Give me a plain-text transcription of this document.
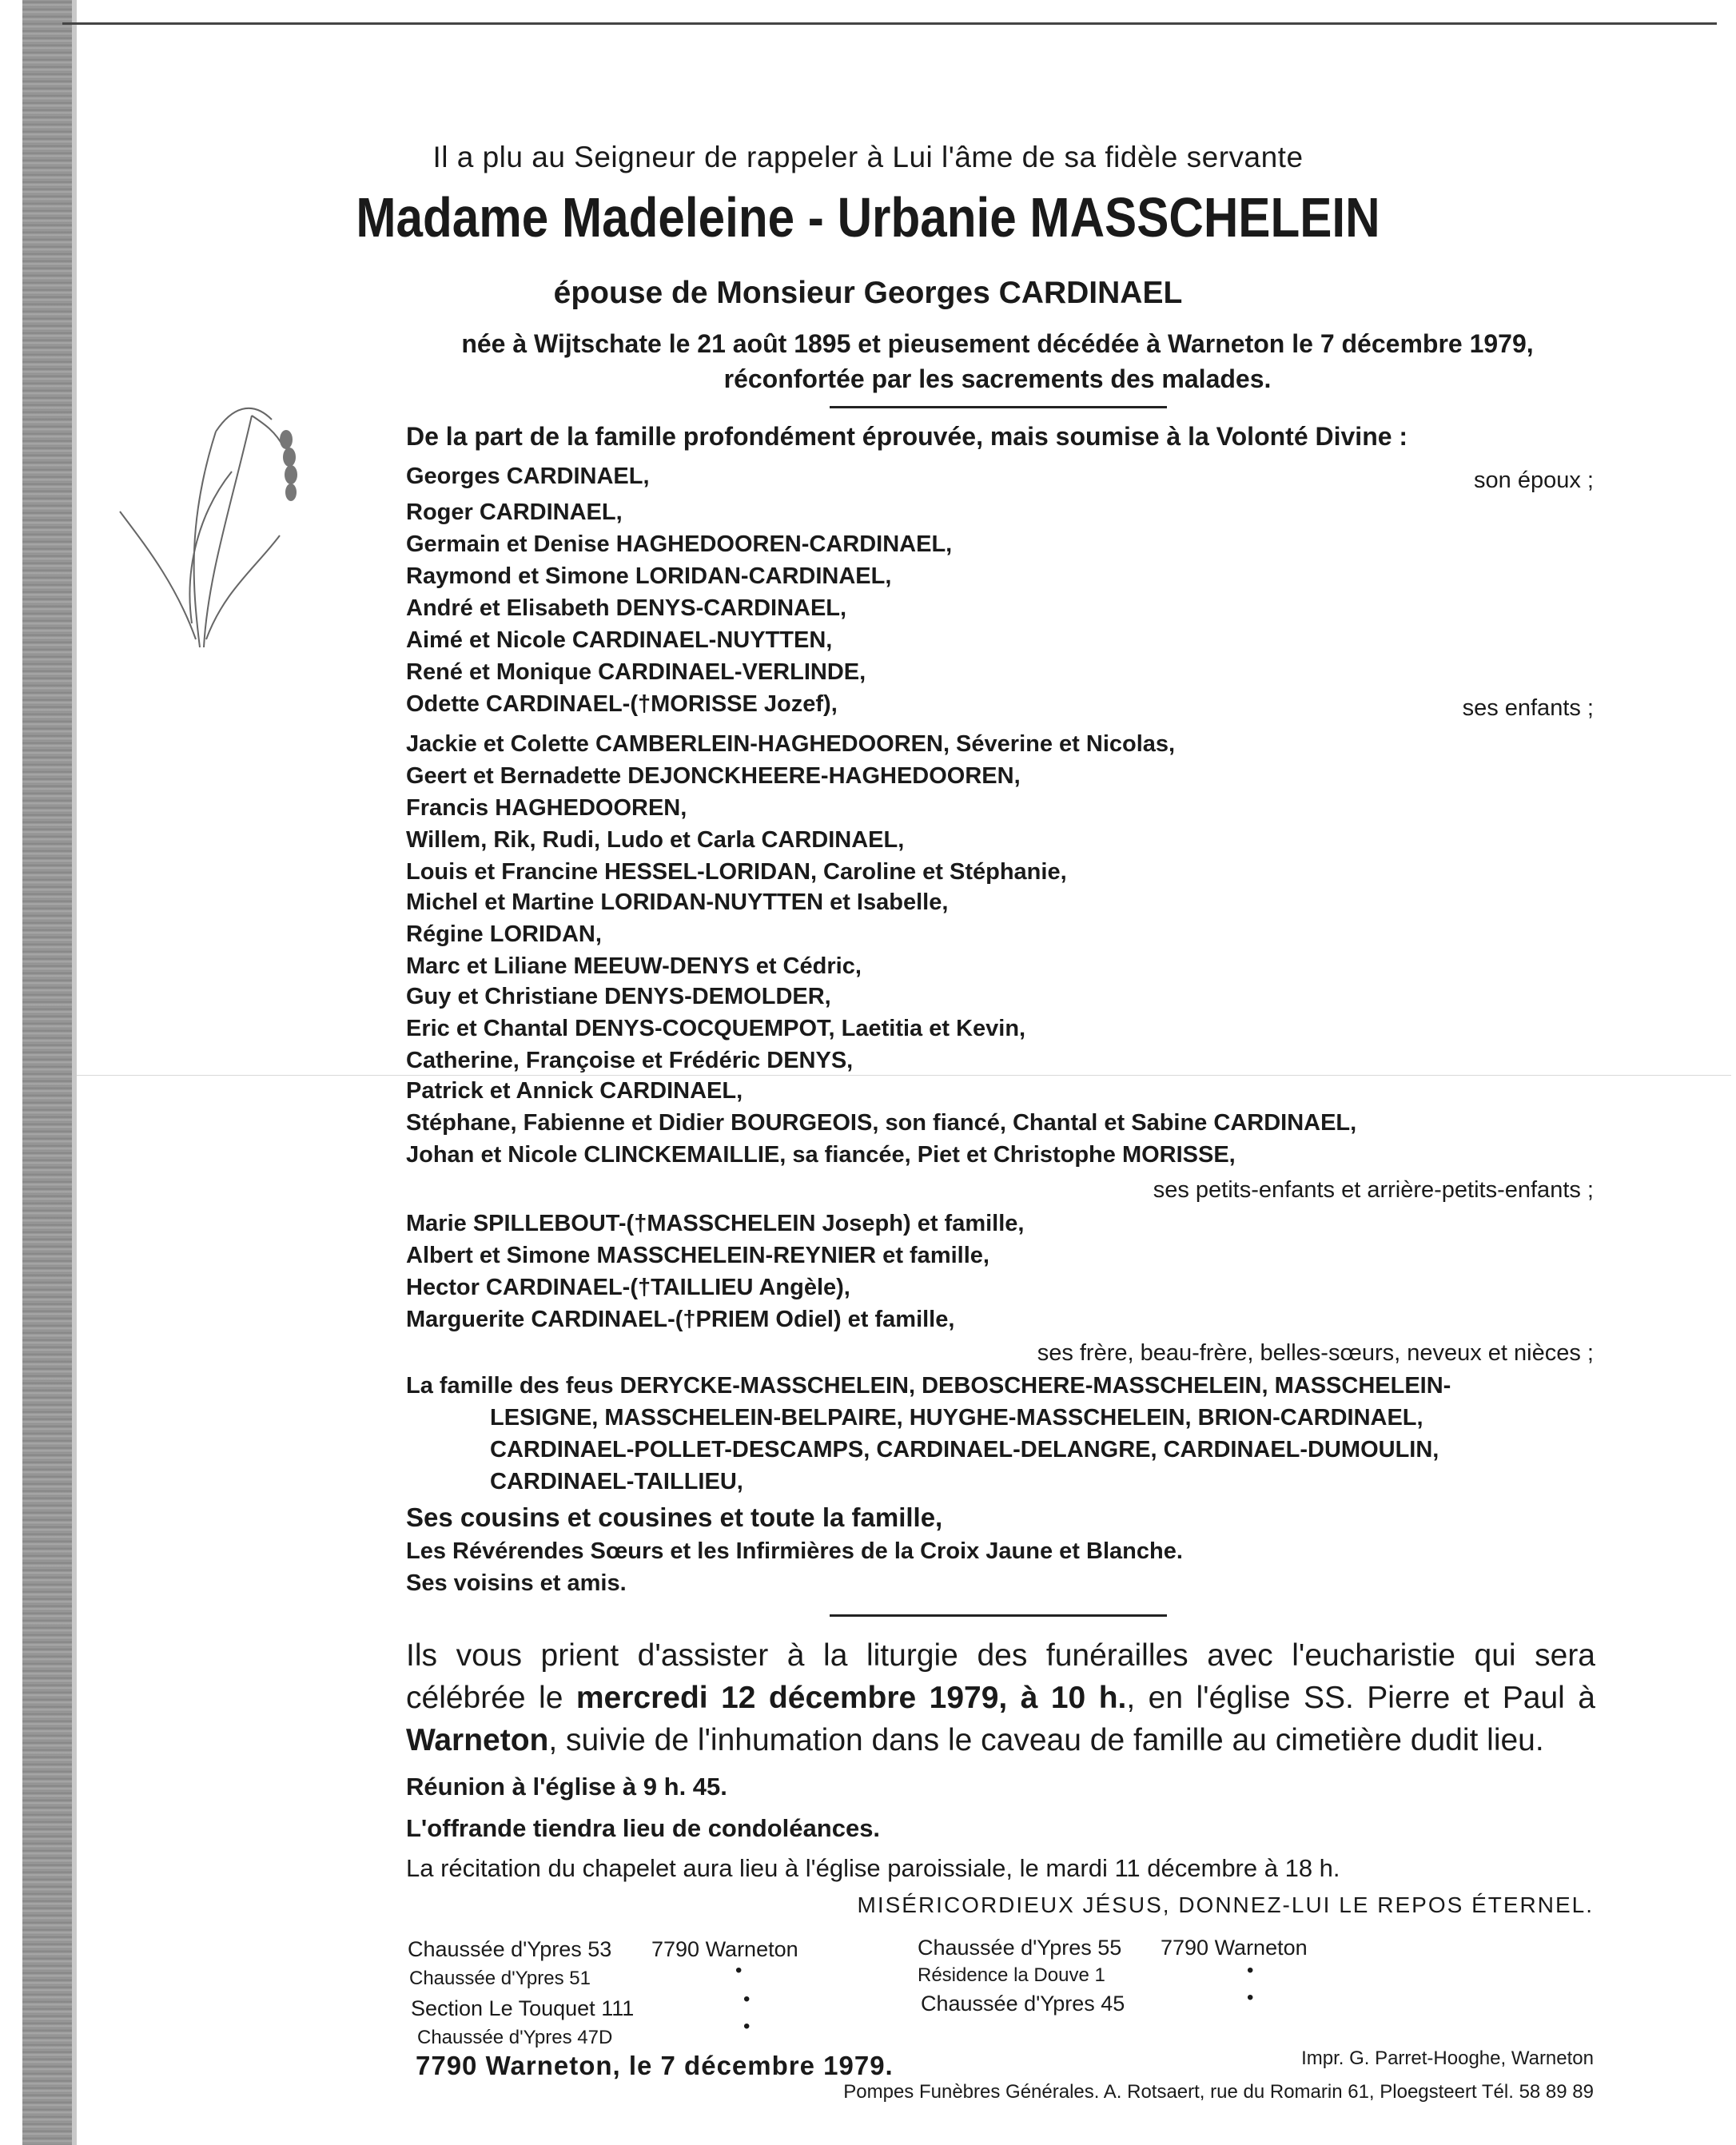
Il a plu au Seigneur de rappeler à Lui l'âme de sa fidèle servante
Madame Madeleine - Urbanie MASSCHELEIN
épouse de Monsieur Georges CARDINAEL
née à Wijtschate le 21 août 1895 et pieusement décédée à Warneton le 7 décembre 1979,
réconfortée par les sacrements des malades.
De la part de la famille profondément éprouvée, mais soumise à la Volonté Divine :
Georges CARDINAEL,	son époux ;
Roger CARDINAEL,
Germain et Denise HAGHEDOOREN-CARDINAEL,
Raymond et Simone LORIDAN-CARDINAEL,
André et Elisabeth DENYS-CARDINAEL,
Aimé et Nicole CARDINAEL-NUYTTEN,
René et Monique CARDINAEL-VERLINDE,
Odette CARDINAEL-(†MORISSE Jozef),	ses enfants ;
Jackie et Colette CAMBERLEIN-HAGHEDOOREN, Séverine et Nicolas,
Geert et Bernadette DEJONCKHEERE-HAGHEDOOREN,
Francis HAGHEDOOREN,
Willem, Rik, Rudi, Ludo et Carla CARDINAEL,
Louis et Francine HESSEL-LORIDAN, Caroline et Stéphanie,
Michel et Martine LORIDAN-NUYTTEN et Isabelle,
Régine LORIDAN,
Marc et Liliane MEEUW-DENYS et Cédric,
Guy et Christiane DENYS-DEMOLDER,
Eric et Chantal DENYS-COCQUEMPOT, Laetitia et Kevin,
Catherine, Françoise et Frédéric DENYS,
Patrick et Annick CARDINAEL,
Stéphane, Fabienne et Didier BOURGEOIS, son fiancé, Chantal et Sabine CARDINAEL,
Johan et Nicole CLINCKEMAILLIE, sa fiancée, Piet et Christophe MORISSE,
ses petits-enfants et arrière-petits-enfants ;
Marie SPILLEBOUT-(†MASSCHELEIN Joseph) et famille,
Albert et Simone MASSCHELEIN-REYNIER et famille,
Hector CARDINAEL-(†TAILLIEU Angèle),
Marguerite CARDINAEL-(†PRIEM Odiel) et famille,
ses frère, beau-frère, belles-sœurs, neveux et nièces ;
La famille des feus DERYCKE-MASSCHELEIN, DEBOSCHERE-MASSCHELEIN, MASSCHELEIN-
LESIGNE, MASSCHELEIN-BELPAIRE, HUYGHE-MASSCHELEIN, BRION-CARDINAEL,
CARDINAEL-POLLET-DESCAMPS, CARDINAEL-DELANGRE, CARDINAEL-DUMOULIN,
CARDINAEL-TAILLIEU,
Ses cousins et cousines et toute la famille,
Les Révérendes Sœurs et les Infirmières de la Croix Jaune et Blanche.
Ses voisins et amis.
Ils vous prient d'assister à la liturgie des funérailles avec l'eucharistie qui sera célébrée le mercredi 12 décembre 1979, à 10 h., en l'église SS. Pierre et Paul à Warneton, suivie de l'inhumation dans le caveau de famille au cimetière dudit lieu.
Réunion à l'église à 9 h. 45.
L'offrande tiendra lieu de condoléances.
La récitation du chapelet aura lieu à l'église paroissiale, le mardi 11 décembre à 18 h.
MISÉRICORDIEUX JÉSUS, DONNEZ-LUI LE REPOS ÉTERNEL.
Chaussée d'Ypres 53 7790 Warneton
Chaussée d'Ypres 51	•
Section Le Touquet 111	•
Chaussée d'Ypres 47D
•
Chaussée d'Ypres 55 7790 Warneton
Résidence la Douve 1	•
Chaussée d'Ypres 45	•
7790 Warneton, le 7 décembre 1979.	Impr. G. Parret-Hooghe, Warneton
Pompes Funèbres Générales. A. Rotsaert, rue du Romarin 61, Ploegsteert Tél. 58 89 89
